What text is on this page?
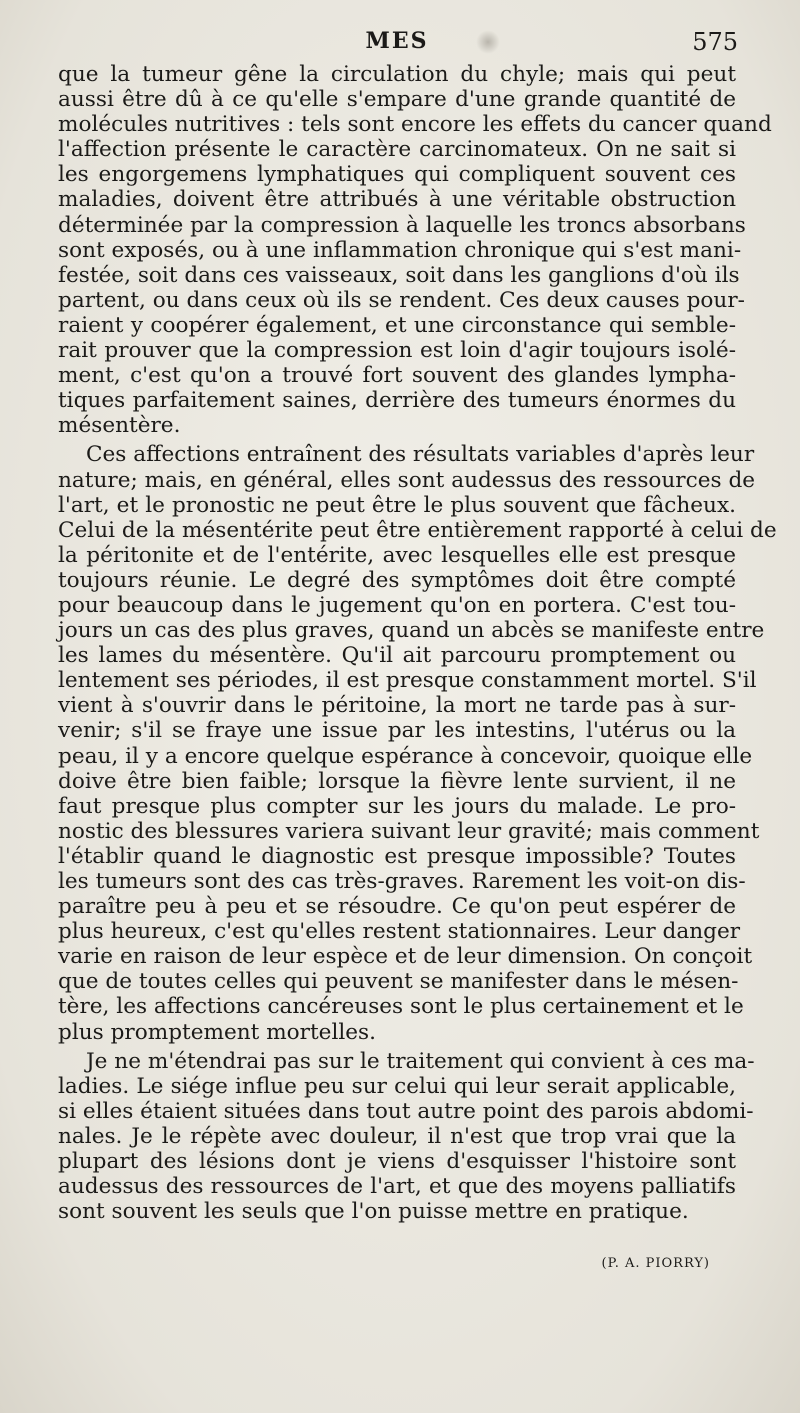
MES	575
que la tumeur gêne la circulation du chyle; mais qui peut
aussi être dû à ce qu'elle s'empare d'une grande quantité de
molécules nutritives : tels sont encore les effets du cancer quand
l'affection présente le caractère carcinomateux. On ne sait si
les engorgemens lymphatiques qui compliquent souvent ces
maladies, doivent être attribués à une véritable obstruction
déterminée par la compression à laquelle les troncs absorbans
sont exposés, ou à une inflammation chronique qui s'est mani-
festée, soit dans ces vaisseaux, soit dans les ganglions d'où ils
partent, ou dans ceux où ils se rendent. Ces deux causes pour-
raient y coopérer également, et une circonstance qui semble-
rait prouver que la compression est loin d'agir toujours isolé-
ment, c'est qu'on a trouvé fort souvent des glandes lympha-
tiques parfaitement saines, derrière des tumeurs énormes du
mésentère.
Ces affections entraînent des résultats variables d'après leur
nature; mais, en général, elles sont audessus des ressources de
l'art, et le pronostic ne peut être le plus souvent que fâcheux.
Celui de la mésentérite peut être entièrement rapporté à celui de
la péritonite et de l'entérite, avec lesquelles elle est presque
toujours réunie. Le degré des symptômes doit être compté
pour beaucoup dans le jugement qu'on en portera. C'est tou-
jours un cas des plus graves, quand un abcès se manifeste entre
les lames du mésentère. Qu'il ait parcouru promptement ou
lentement ses périodes, il est presque constamment mortel. S'il
vient à s'ouvrir dans le péritoine, la mort ne tarde pas à sur-
venir; s'il se fraye une issue par les intestins, l'utérus ou la
peau, il y a encore quelque espérance à concevoir, quoique elle
doive être bien faible; lorsque la fièvre lente survient, il ne
faut presque plus compter sur les jours du malade. Le pro-
nostic des blessures variera suivant leur gravité; mais comment
l'établir quand le diagnostic est presque impossible? Toutes
les tumeurs sont des cas très-graves. Rarement les voit-on dis-
paraître peu à peu et se résoudre. Ce qu'on peut espérer de
plus heureux, c'est qu'elles restent stationnaires. Leur danger
varie en raison de leur espèce et de leur dimension. On conçoit
que de toutes celles qui peuvent se manifester dans le mésen-
tère, les affections cancéreuses sont le plus certainement et le
plus promptement mortelles.
Je ne m'étendrai pas sur le traitement qui convient à ces ma-
ladies. Le siége influe peu sur celui qui leur serait applicable,
si elles étaient situées dans tout autre point des parois abdomi-
nales. Je le répète avec douleur, il n'est que trop vrai que la
plupart des lésions dont je viens d'esquisser l'histoire sont
audessus des ressources de l'art, et que des moyens palliatifs
sont souvent les seuls que l'on puisse mettre en pratique.
(P. A. PIORRY)
